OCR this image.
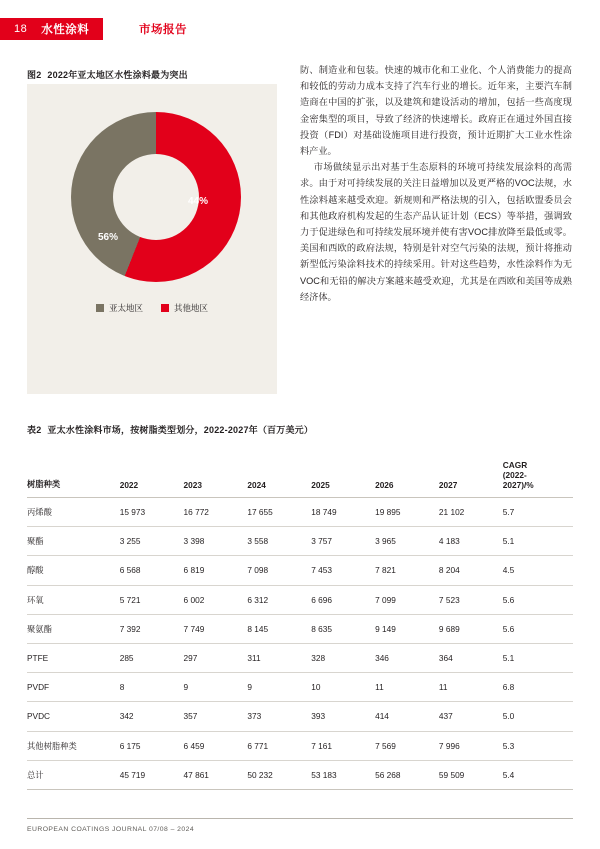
18 水性涂料	市场报告
图2 2022年亚太地区水性涂料最为突出
44%
56%
亚太地区	其他地区

防、制造业和包装。快速的城市化和工业化、个人消费能力的提高和较低的劳动力成本支持了汽车行业的增长。近年来，主要汽车制造商在中国的扩张，以及建筑和建设活动的增加，包括一些高度现金密集型的项目，导致了经济的快速增长。政府正在通过外国直接投资（FDI）对基础设施项目进行投资，预计近期扩大工业水性涂料产业。

市场做续显示出对基于生态原料的环境可持续发展涂料的高需求。由于对可持续发展的关注日益增加以及更严格的VOC法规，水性涂料越来越受欢迎。新规则和严格法规的引入，包括欧盟委员会和其他政府机构发起的生态产品认证计划（ECS）等举措，强调致力于促进绿色和可持续发展环境并使有害VOC排放降至最低或零。美国和西欧的政府法规，特别是针对空气污染的法规，预计将推动新型低污染涂料技术的持续采用。针对这些趋势，水性涂料作为无VOC和无铅的解决方案越来越受欢迎，尤其是在西欧和美国等成熟经济体。

表2 亚太水性涂料市场，按树脂类型划分，2022-2027年（百万美元）
树脂种类	2022	2023	2024	2025	2026	2027	CAGR
(2022-
2027)/%

丙烯酸	15 973	16 772	17 655	18 749	19 895	21 102	5.7
聚酯	3 255	3 398	3 558	3 757	3 965	4 183	5.1
醇酸	6 568	6 819	7 098	7 453	7 821	8 204	4.5
环氧	5 721	6 002	6 312	6 696	7 099	7 523	5.6
聚氨酯	7 392	7 749	8 145	8 635	9 149	9 689	5.6
PTFE	285	297	311	328	346	364	5.1
PVDF	8	9	9	10	11	11	6.8
PVDC	342	357	373	393	414	437	5.0
其他树脂种类	6 175	6 459	6 771	7 161	7 569	7 996	5.3
总计	45 719	47 861	50 232	53 183	56 268	59 509	5.4
EUROPEAN COATINGS JOURNAL 07/08 – 2024
